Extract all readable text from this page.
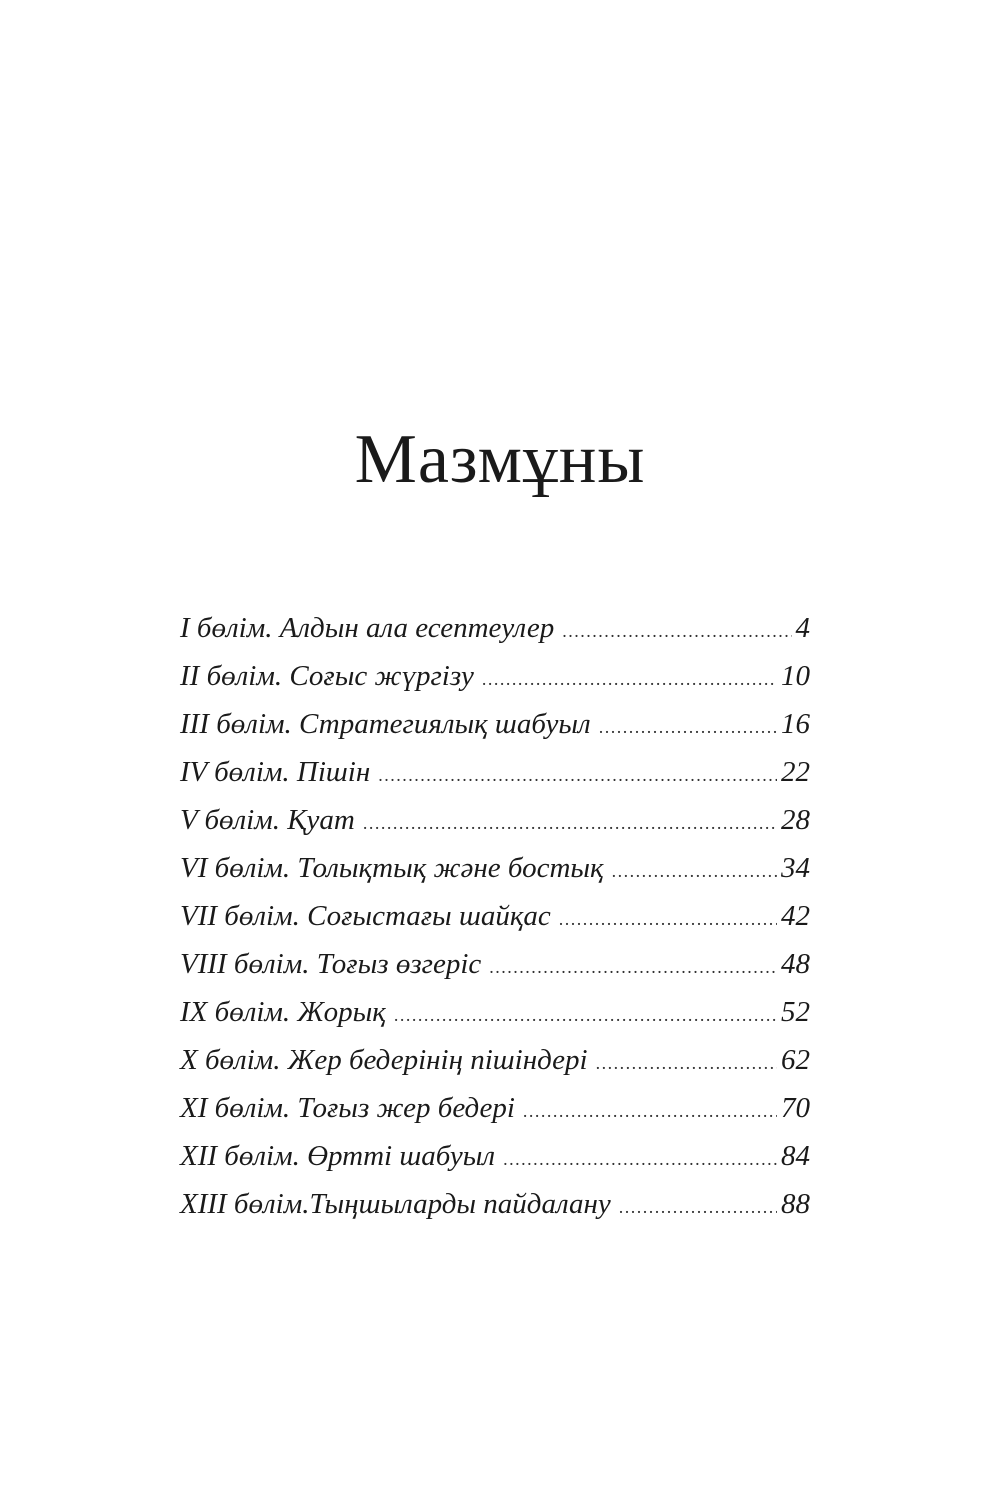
Мазмұны
I бөлім. Алдын ала есептеулер .....	4
II бөлім. Соғыс жүргізу .....	10
III бөлім. Стратегиялық шабуыл .....	16
IV бөлім. Пішін .....	22
V бөлім. Қуат .....	28
VI бөлім. Толықтық және бостық .....	34
VII бөлім. Соғыстағы шайқас .....	42
VIII бөлім. Тоғыз өзгеріс .....	48
IX бөлім. Жорық .....	52
X бөлім. Жер бедерінің пішіндері .....	62
XI бөлім. Тоғыз жер бедері .....	70
XII бөлім. Өртті шабуыл .....	84
XIII бөлім.Тыңшыларды пайдалану .....	88
